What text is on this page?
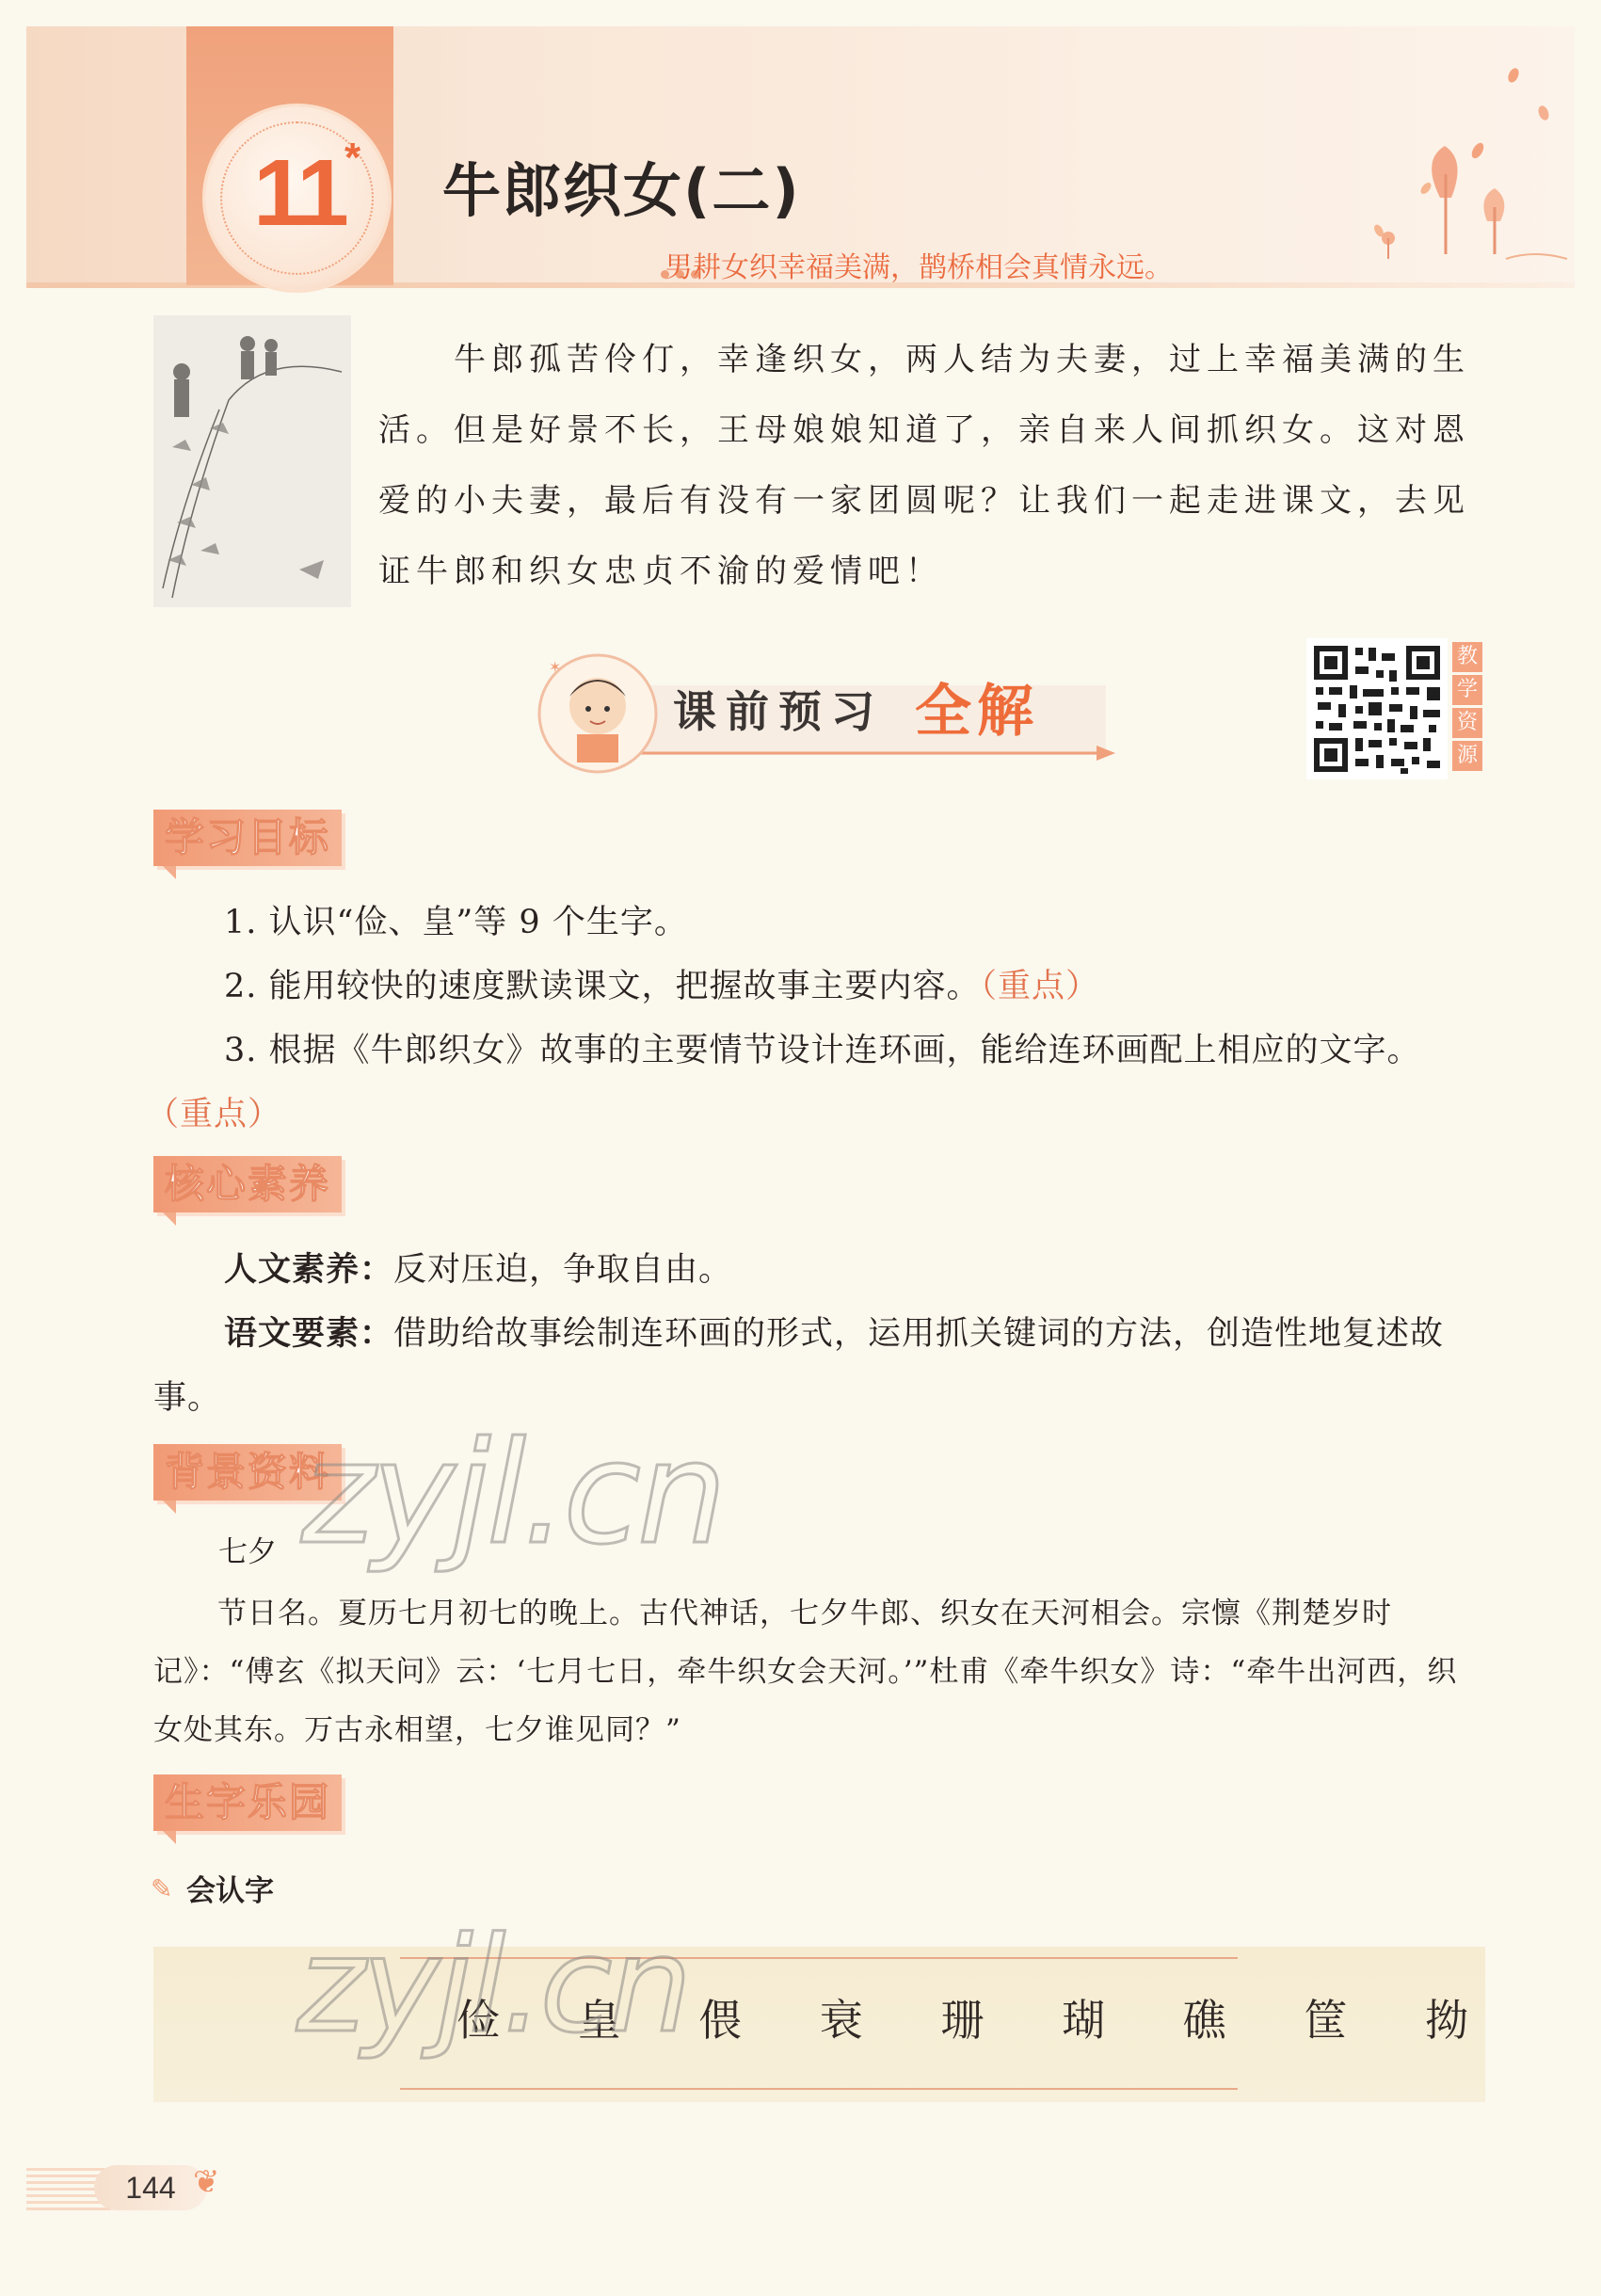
11 * 牛郎织女(二)
男耕女织幸福美满，鹊桥相会真情永远。
牛郎孤苦伶仃，幸逢织女，两人结为夫妻，过上幸福美满的生活。但是好景不长，王母娘娘知道了，亲自来人间抓织女。这对恩爱的小夫妻，最后有没有一家团圆呢？让我们一起走进课文，去见证牛郎和织女忠贞不渝的爱情吧！
✶
课前预习 全解
教
学
资
源
学习目标
1. 认识“俭、皇”等 9 个生字。
2. 能用较快的速度默读课文，把握故事主要内容。（重点）
3. 根据《牛郎织女》故事的主要情节设计连环画，能给连环画配上相应的文字。
（重点）
核心素养
人文素养：反对压迫，争取自由。
语文要素：借助给故事绘制连环画的形式，运用抓关键词的方法，创造性地复述故事。
背景资料
七夕
节日名。夏历七月初七的晚上。古代神话，七夕牛郎、织女在天河相会。宗懔《荆楚岁时记》：“傅玄《拟天问》云：‘七月七日，牵牛织女会天河。’”杜甫《牵牛织女》诗：“牵牛出河西，织女处其东。万古永相望，七夕谁见同？”
生字乐园
✎ 会认字
俭 皇 偎 衰 珊 瑚 礁 筐 拗
zyjl.cn
zyjl.cn
144 ❦
